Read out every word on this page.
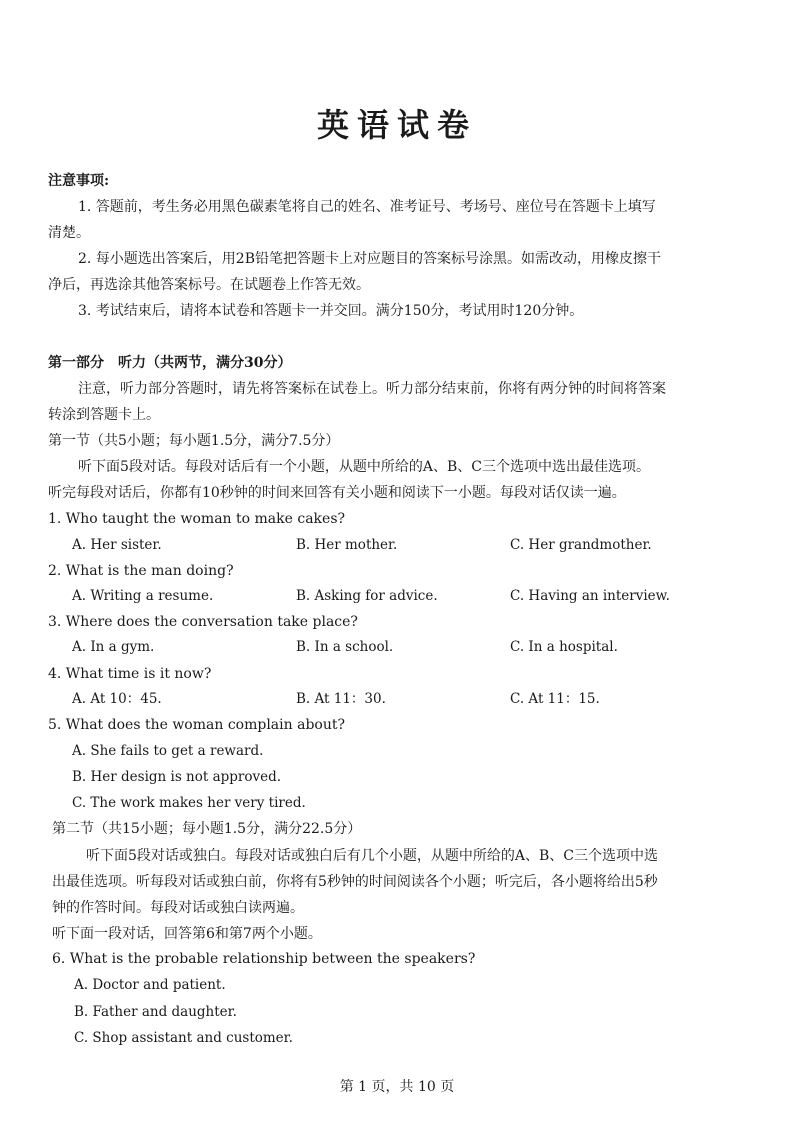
英语试卷
注意事项:
1. 答题前，考生务必用黑色碳素笔将自己的姓名、准考证号、考场号、座位号在答题卡上填写
清楚。
2. 每小题选出答案后，用2B铅笔把答题卡上对应题目的答案标号涂黑。如需改动，用橡皮擦干
净后，再选涂其他答案标号。在试题卷上作答无效。
3. 考试结束后，请将本试卷和答题卡一并交回。满分150分，考试用时120分钟。
第一部分　听力（共两节，满分30分）
注意，听力部分答题时，请先将答案标在试卷上。听力部分结束前，你将有两分钟的时间将答案
转涂到答题卡上。
第一节（共5小题；每小题1.5分，满分7.5分）
听下面5段对话。每段对话后有一个小题，从题中所给的A、B、C三个选项中选出最佳选项。
听完每段对话后，你都有10秒钟的时间来回答有关小题和阅读下一小题。每段对话仅读一遍。
1. Who taught the woman to make cakes?
A. Her sister.	B. Her mother.	C. Her grandmother.
2. What is the man doing?
A. Writing a resume.	B. Asking for advice.	C. Having an interview.
3. Where does the conversation take place?
A. In a gym.	B. In a school.	C. In a hospital.
4. What time is it now?
A. At 10：45.	B. At 11：30.	C. At 11：15.
5. What does the woman complain about?
A. She fails to get a reward.
B. Her design is not approved.
C. The work makes her very tired.
第二节（共15小题；每小题1.5分，满分22.5分）
听下面5段对话或独白。每段对话或独白后有几个小题，从题中所给的A、B、C三个选项中选
出最佳选项。听每段对话或独白前，你将有5秒钟的时间阅读各个小题；听完后，各小题将给出5秒
钟的作答时间。每段对话或独白读两遍。
听下面一段对话，回答第6和第7两个小题。
6. What is the probable relationship between the speakers?
A. Doctor and patient.
B. Father and daughter.
C. Shop assistant and customer.
第 1 页，共 10 页
